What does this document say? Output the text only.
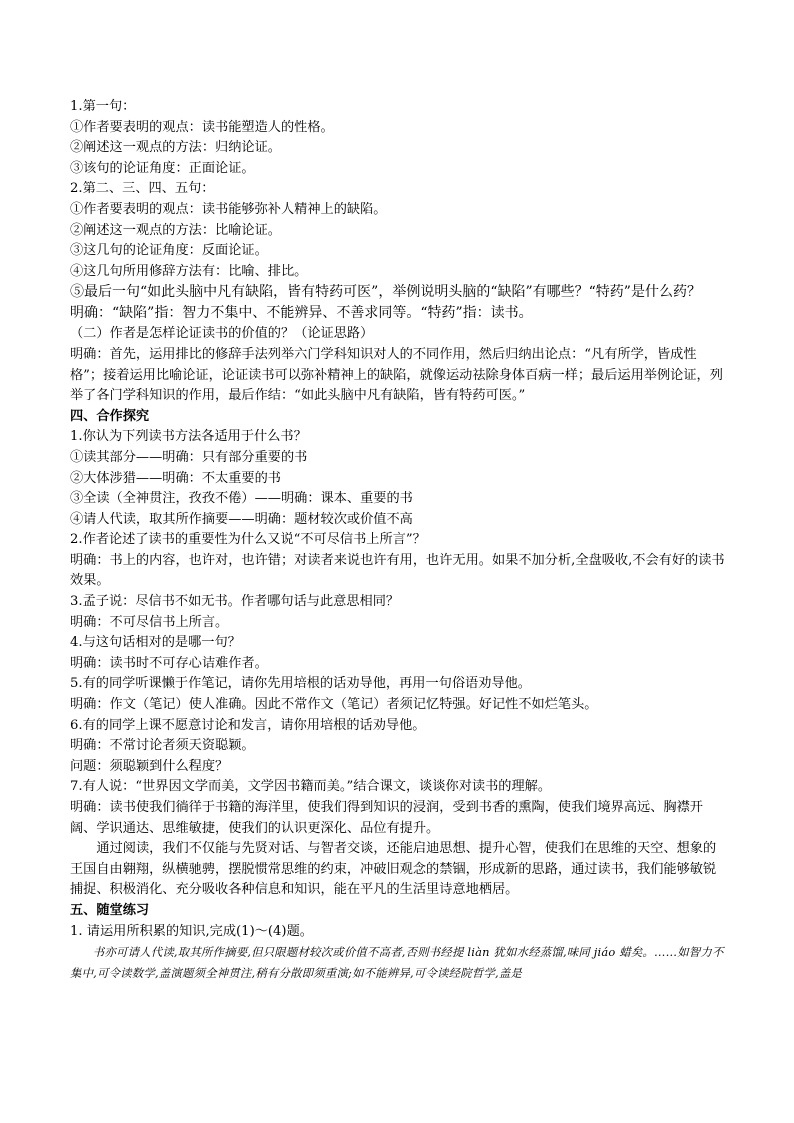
1.第一句：

①作者要表明的观点：读书能塑造人的性格。

②阐述这一观点的方法：归纳论证。

③该句的论证角度：正面论证。

2.第二、三、四、五句：

①作者要表明的观点：读书能够弥补人精神上的缺陷。

②阐述这一观点的方法：比喻论证。

③这几句的论证角度：反面论证。

④这几句所用修辞方法有：比喻、排比。

⑤最后一句“如此头脑中凡有缺陷，皆有特药可医”，举例说明头脑的“缺陷”有哪些？“特药”是什么药？

明确：“缺陷”指：智力不集中、不能辨异、不善求同等。“特药”指：读书。

（二）作者是怎样论证读书的价值的？（论证思路）

明确：首先，运用排比的修辞手法列举六门学科知识对人的不同作用，然后归纳出论点：“凡有所学，皆成性格”；接着运用比喻论证，论证读书可以弥补精神上的缺陷，就像运动祛除身体百病一样；最后运用举例论证，列举了各门学科知识的作用，最后作结：“如此头脑中凡有缺陷，皆有特药可医。”

四、合作探究

1.你认为下列读书方法各适用于什么书？

①读其部分——明确：只有部分重要的书

②大体涉猎——明确：不太重要的书

③全读（全神贯注，孜孜不倦）——明确：课本、重要的书

④请人代读，取其所作摘要——明确：题材较次或价值不高

2.作者论述了读书的重要性为什么又说“不可尽信书上所言”？

明确：书上的内容，也许对，也许错；对读者来说也许有用，也许无用。如果不加分析,全盘吸收,不会有好的读书效果。

3.孟子说：尽信书不如无书。作者哪句话与此意思相同？

明确：不可尽信书上所言。

4.与这句话相对的是哪一句？

明确：读书时不可存心诘难作者。

5.有的同学听课懒于作笔记，请你先用培根的话劝导他，再用一句俗语劝导他。

明确：作文（笔记）使人准确。因此不常作文（笔记）者须记忆特强。好记性不如烂笔头。

6.有的同学上课不愿意讨论和发言，请你用培根的话劝导他。

明确：不常讨论者须天资聪颖。

问题：须聪颖到什么程度？

7.有人说：“世界因文学而美，文学因书籍而美。”结合课文，谈谈你对读书的理解。

明确：读书使我们徜徉于书籍的海洋里，使我们得到知识的浸润，受到书香的熏陶，使我们境界高远、胸襟开阔、学识通达、思维敏捷，使我们的认识更深化、品位有提升。

通过阅读，我们不仅能与先贤对话、与智者交谈，还能启迪思想、提升心智，使我们在思维的天空、想象的王国自由翱翔，纵横驰骋，摆脱惯常思维的约束，冲破旧观念的禁锢，形成新的思路，通过读书，我们能够敏锐捕捉、积极消化、充分吸收各种信息和知识，能在平凡的生活里诗意地栖居。

五、随堂练习

1. 请运用所积累的知识,完成(1)～(4)题。

书亦可请人代读,取其所作摘要,但只限题材较次或价值不高者,否则书经提 liàn 犹如水经蒸馏,味同 jiáo 蜡矣。……如智力不集中,可令读数学,盖演题须全神贯注,稍有分散即须重演;如不能辨异,可令读经院哲学,盖是
